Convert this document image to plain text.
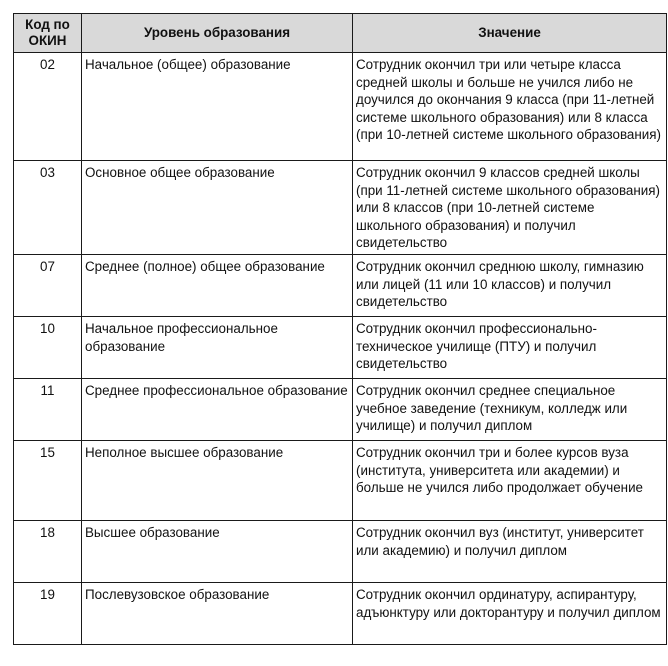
Код по ОКИН	Уровень образования	Значение
02	Начальное (общее) образование	Сотрудник окончил три или четыре класса средней школы и больше не учился либо не доучился до окончания 9 класса (при 11-летней системе школьного образования) или 8 класса (при 10-летней системе школьного образования)
03	Основное общее образование	Сотрудник окончил 9 классов средней школы (при 11-летней системе школьного образования) или 8 классов (при 10-летней системе школьного образования) и получил свидетельство
07	Среднее (полное) общее образование	Сотрудник окончил среднюю школу, гимназию или лицей (11 или 10 классов) и получил свидетельство
10	Начальное профессиональное образование	Сотрудник окончил профессионально-техническое училище (ПТУ) и получил свидетельство
11	Среднее профессиональное образование	Сотрудник окончил среднее специальное учебное заведение (техникум, колледж или училище) и получил диплом
15	Неполное высшее образование	Сотрудник окончил три и более курсов вуза (института, университета или академии) и больше не учился либо продолжает обучение
18	Высшее образование	Сотрудник окончил вуз (институт, университет или академию) и получил диплом
19	Послевузовское образование	Сотрудник окончил ординатуру, аспирантуру, адъюнктуру или докторантуру и получил диплом
